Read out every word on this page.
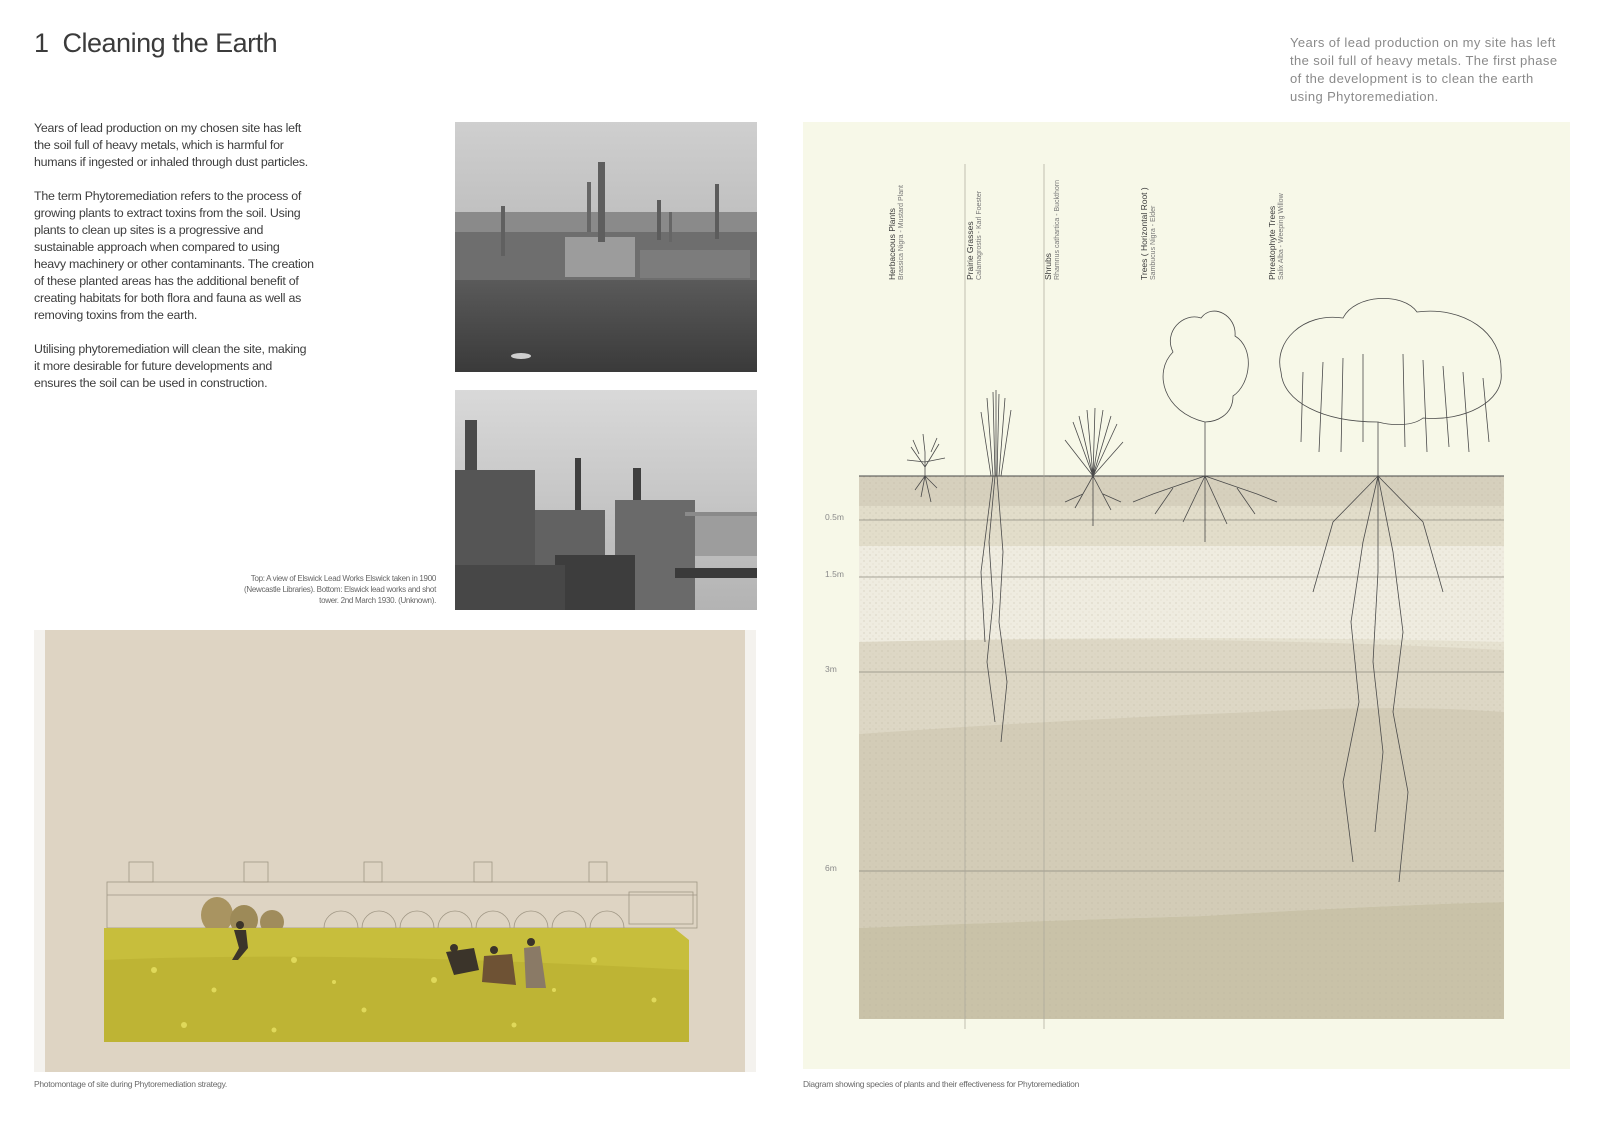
1 Cleaning the Earth	Years of lead production on my site has left the soil full of heavy metals. The first phase of the development is to clean the earth using Phytoremediation.

Years of lead production on my chosen site has left the soil full of heavy metals, which is harmful for humans if ingested or inhaled through dust particles.

The term Phytoremediation refers to the process of growing plants to extract toxins from the soil. Using plants to clean up sites is a progressive and sustainable approach when compared to using heavy machinery or other contaminants. The creation of these planted areas has the additional benefit of creating habitats for both flora and fauna as well as removing toxins from the earth.

Utilising phytoremediation will clean the site, making it more desirable for future developments and ensures the soil can be used in construction.

Top: A view of Elswick Lead Works Elswick taken in 1900 (Newcastle Libraries). Bottom: Elswick lead works and shot tower. 2nd March 1930. (Unknown).

Photomontage of site during Phytoremediation strategy.

Herbaceous Plants Brassica Nigra - Mustard Plant	Prairie Grasses Calamagrostis - Karl Foester	Shrubs Rhamnus cathartica - Buckthorn	Trees ( Horizontal Root ) Sambucus Nigra - Elder	Phreatophyte Trees Salix Alba - Weeping Willow
0.5m
1.5m
3m
6m

Diagram showing species of plants and their effectiveness for Phytoremediation
